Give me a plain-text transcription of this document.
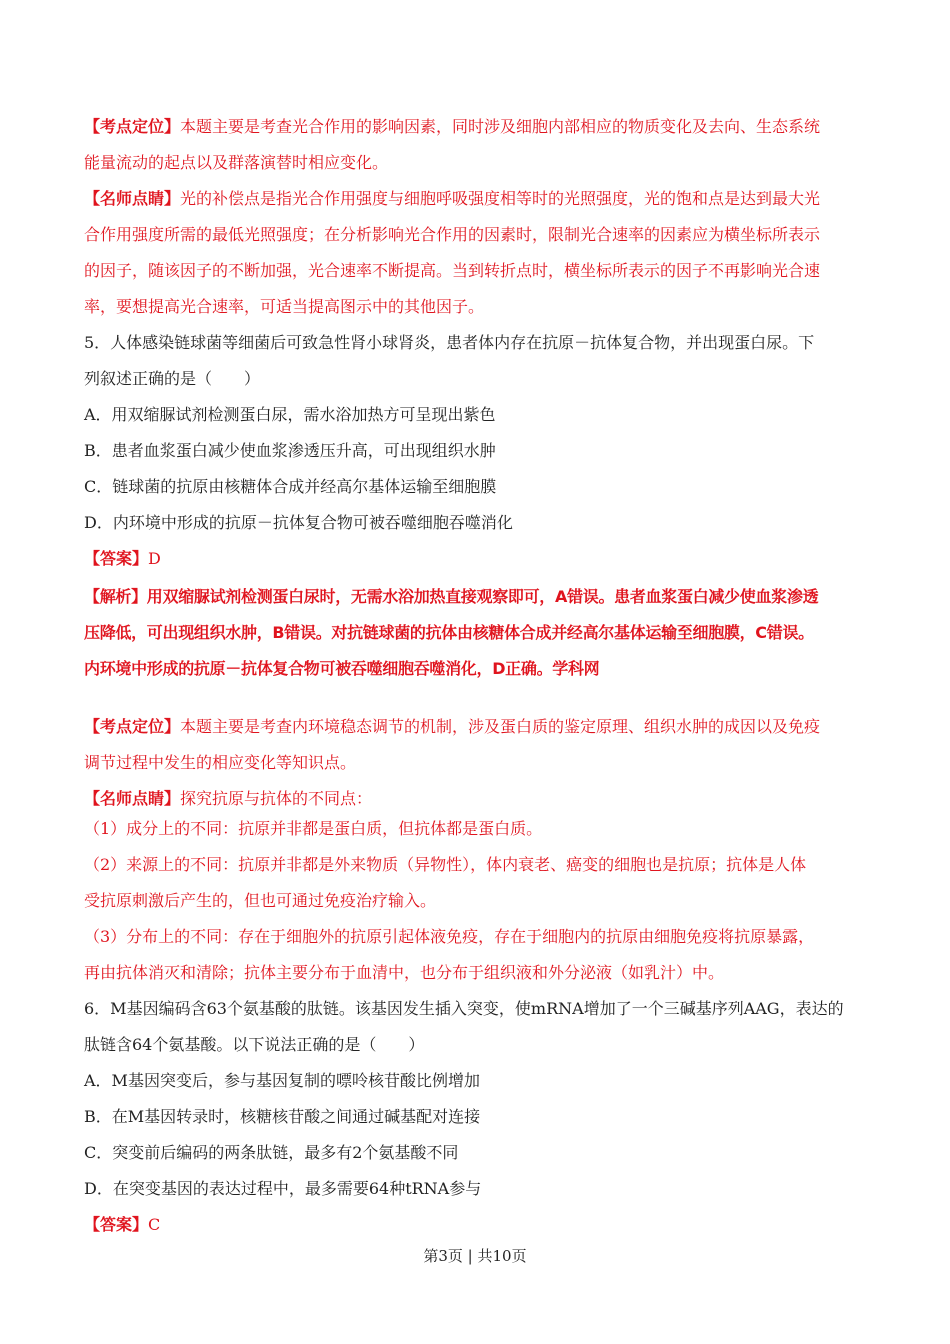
【考点定位】本题主要是考查光合作用的影响因素，同时涉及细胞内部相应的物质变化及去向、生态系统
能量流动的起点以及群落演替时相应变化。
【名师点睛】光的补偿点是指光合作用强度与细胞呼吸强度相等时的光照强度，光的饱和点是达到最大光
合作用强度所需的最低光照强度；在分析影响光合作用的因素时，限制光合速率的因素应为横坐标所表示
的因子，随该因子的不断加强，光合速率不断提高。当到转折点时，横坐标所表示的因子不再影响光合速
率，要想提高光合速率，可适当提高图示中的其他因子。
5．人体感染链球菌等细菌后可致急性肾小球肾炎，患者体内存在抗原－抗体复合物，并出现蛋白尿。下
列叙述正确的是（　　）
A．用双缩脲试剂检测蛋白尿，需水浴加热方可呈现出紫色
B．患者血浆蛋白减少使血浆渗透压升高，可出现组织水肿
C．链球菌的抗原由核糖体合成并经高尔基体运输至细胞膜
D．内环境中形成的抗原－抗体复合物可被吞噬细胞吞噬消化
【答案】D
【解析】用双缩脲试剂检测蛋白尿时，无需水浴加热直接观察即可，A错误。患者血浆蛋白减少使血浆渗透
压降低，可出现组织水肿，B错误。对抗链球菌的抗体由核糖体合成并经高尔基体运输至细胞膜，C错误。
内环境中形成的抗原－抗体复合物可被吞噬细胞吞噬消化，D正确。学科网
【考点定位】本题主要是考查内环境稳态调节的机制，涉及蛋白质的鉴定原理、组织水肿的成因以及免疫
调节过程中发生的相应变化等知识点。
【名师点睛】探究抗原与抗体的不同点：
（1）成分上的不同：抗原并非都是蛋白质，但抗体都是蛋白质。
（2）来源上的不同：抗原并非都是外来物质（异物性），体内衰老、癌变的细胞也是抗原；抗体是人体
受抗原刺激后产生的，但也可通过免疫治疗输入。
（3）分布上的不同：存在于细胞外的抗原引起体液免疫，存在于细胞内的抗原由细胞免疫将抗原暴露，
再由抗体消灭和清除；抗体主要分布于血清中，也分布于组织液和外分泌液（如乳汁）中。
6．M基因编码含63个氨基酸的肽链。该基因发生插入突变，使mRNA增加了一个三碱基序列AAG，表达的
肽链含64个氨基酸。以下说法正确的是（　　）
A．M基因突变后，参与基因复制的嘌呤核苷酸比例增加
B．在M基因转录时，核糖核苷酸之间通过碱基配对连接
C．突变前后编码的两条肽链，最多有2个氨基酸不同
D．在突变基因的表达过程中，最多需要64种tRNA参与
【答案】C
第3页 | 共10页
